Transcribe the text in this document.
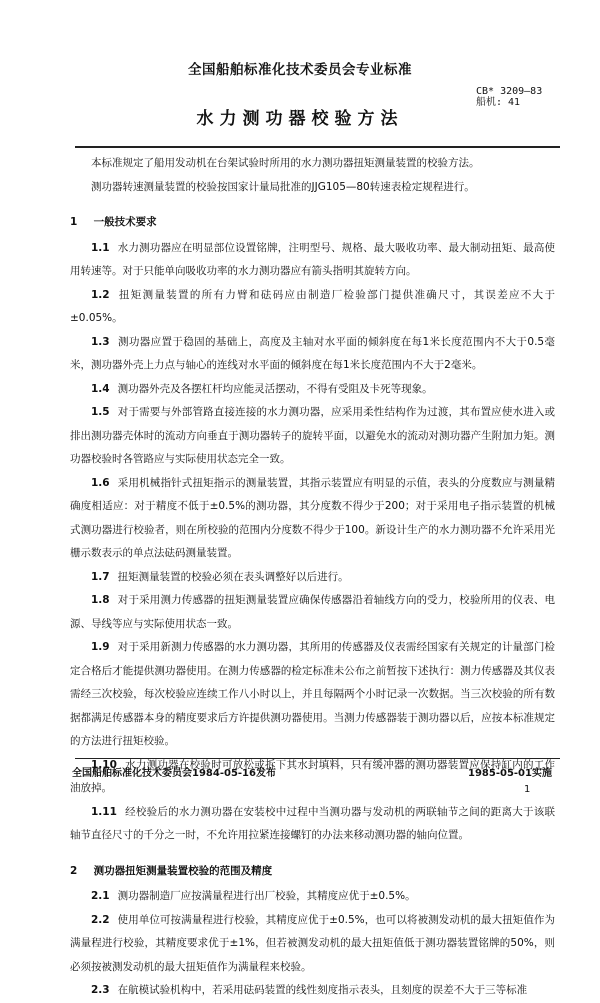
全国船舶标准化技术委员会专业标准
CB* 3209—83
船机: 41
水力测功器校验方法

本标准规定了船用发动机在台架试验时所用的水力测功器扭矩测量装置的校验方法。

测功器转速测量装置的校验按国家计量局批准的JJG105—80转速表检定规程进行。

1 一般技术要求

1.1 水力测功器应在明显部位设置铭牌，注明型号、规格、最大吸收功率、最大制动扭矩、最高使用转速等。对于只能单向吸收功率的水力测功器应有箭头指明其旋转方向。

1.2 扭矩测量装置的所有力臂和砝码应由制造厂检验部门提供准确尺寸，其误差应不大于±0.05%。

1.3 测功器应置于稳固的基础上，高度及主轴对水平面的倾斜度在每1米长度范围内不大于0.5毫米，测功器外壳上力点与轴心的连线对水平面的倾斜度在每1米长度范围内不大于2毫米。

1.4 测功器外壳及各摆杠杆均应能灵活摆动，不得有受阻及卡死等现象。

1.5 对于需要与外部管路直接连接的水力测功器，应采用柔性结构作为过渡，其布置应使水进入或排出测功器壳体时的流动方向垂直于测功器转子的旋转平面，以避免水的流动对测功器产生附加力矩。测功器校验时各管路应与实际使用状态完全一致。

1.6 采用机械指针式扭矩指示的测量装置，其指示装置应有明显的示值，表头的分度数应与测量精确度相适应：对于精度不低于±0.5%的测功器，其分度数不得少于200；对于采用电子指示装置的机械式测功器进行校验者，则在所校验的范围内分度数不得少于100。新设计生产的水力测功器不允许采用光栅示数表示的单点法砝码测量装置。

1.7 扭矩测量装置的校验必须在表头调整好以后进行。

1.8 对于采用测力传感器的扭矩测量装置应确保传感器沿着轴线方向的受力，校验所用的仪表、电源、导线等应与实际使用状态一致。

1.9 对于采用新测力传感器的水力测功器，其所用的传感器及仪表需经国家有关规定的计量部门检定合格后才能提供测功器使用。在测力传感器的检定标准未公布之前暂按下述执行：测力传感器及其仪表需经三次校验，每次校验应连续工作八小时以上，并且每隔两个小时记录一次数据。当三次校验的所有数据都满足传感器本身的精度要求后方许提供测功器使用。当测力传感器装于测功器以后，应按本标准规定的方法进行扭矩校验。

1.10 水力测功器在校验时可放松或拆下其水封填料，只有缓冲器的测功器装置应保持缸内的工作油放掉。

1.11 经校验后的水力测功器在安装校中过程中当测功器与发动机的两联轴节之间的距离大于该联轴节直径尺寸的千分之一时，不允许用拉紧连接螺钉的办法来移动测功器的轴向位置。

2 测功器扭矩测量装置校验的范围及精度

2.1 测功器制造厂应按满量程进行出厂校验，其精度应优于±0.5%。

2.2 使用单位可按满量程进行校验，其精度应优于±0.5%，也可以将被测发动机的最大扭矩值作为满量程进行校验，其精度要求优于±1%，但若被测发动机的最大扭矩值低于测功器装置铭牌的50%，则必须按被测发动机的最大扭矩值作为满量程来校验。

2.3 在航模试验机构中，若采用砝码装置的线性刻度指示表头，且刻度的误差不大于三等标准

全国船舶标准化技术委员会1984-05-16发布	1985-05-01实施
1
